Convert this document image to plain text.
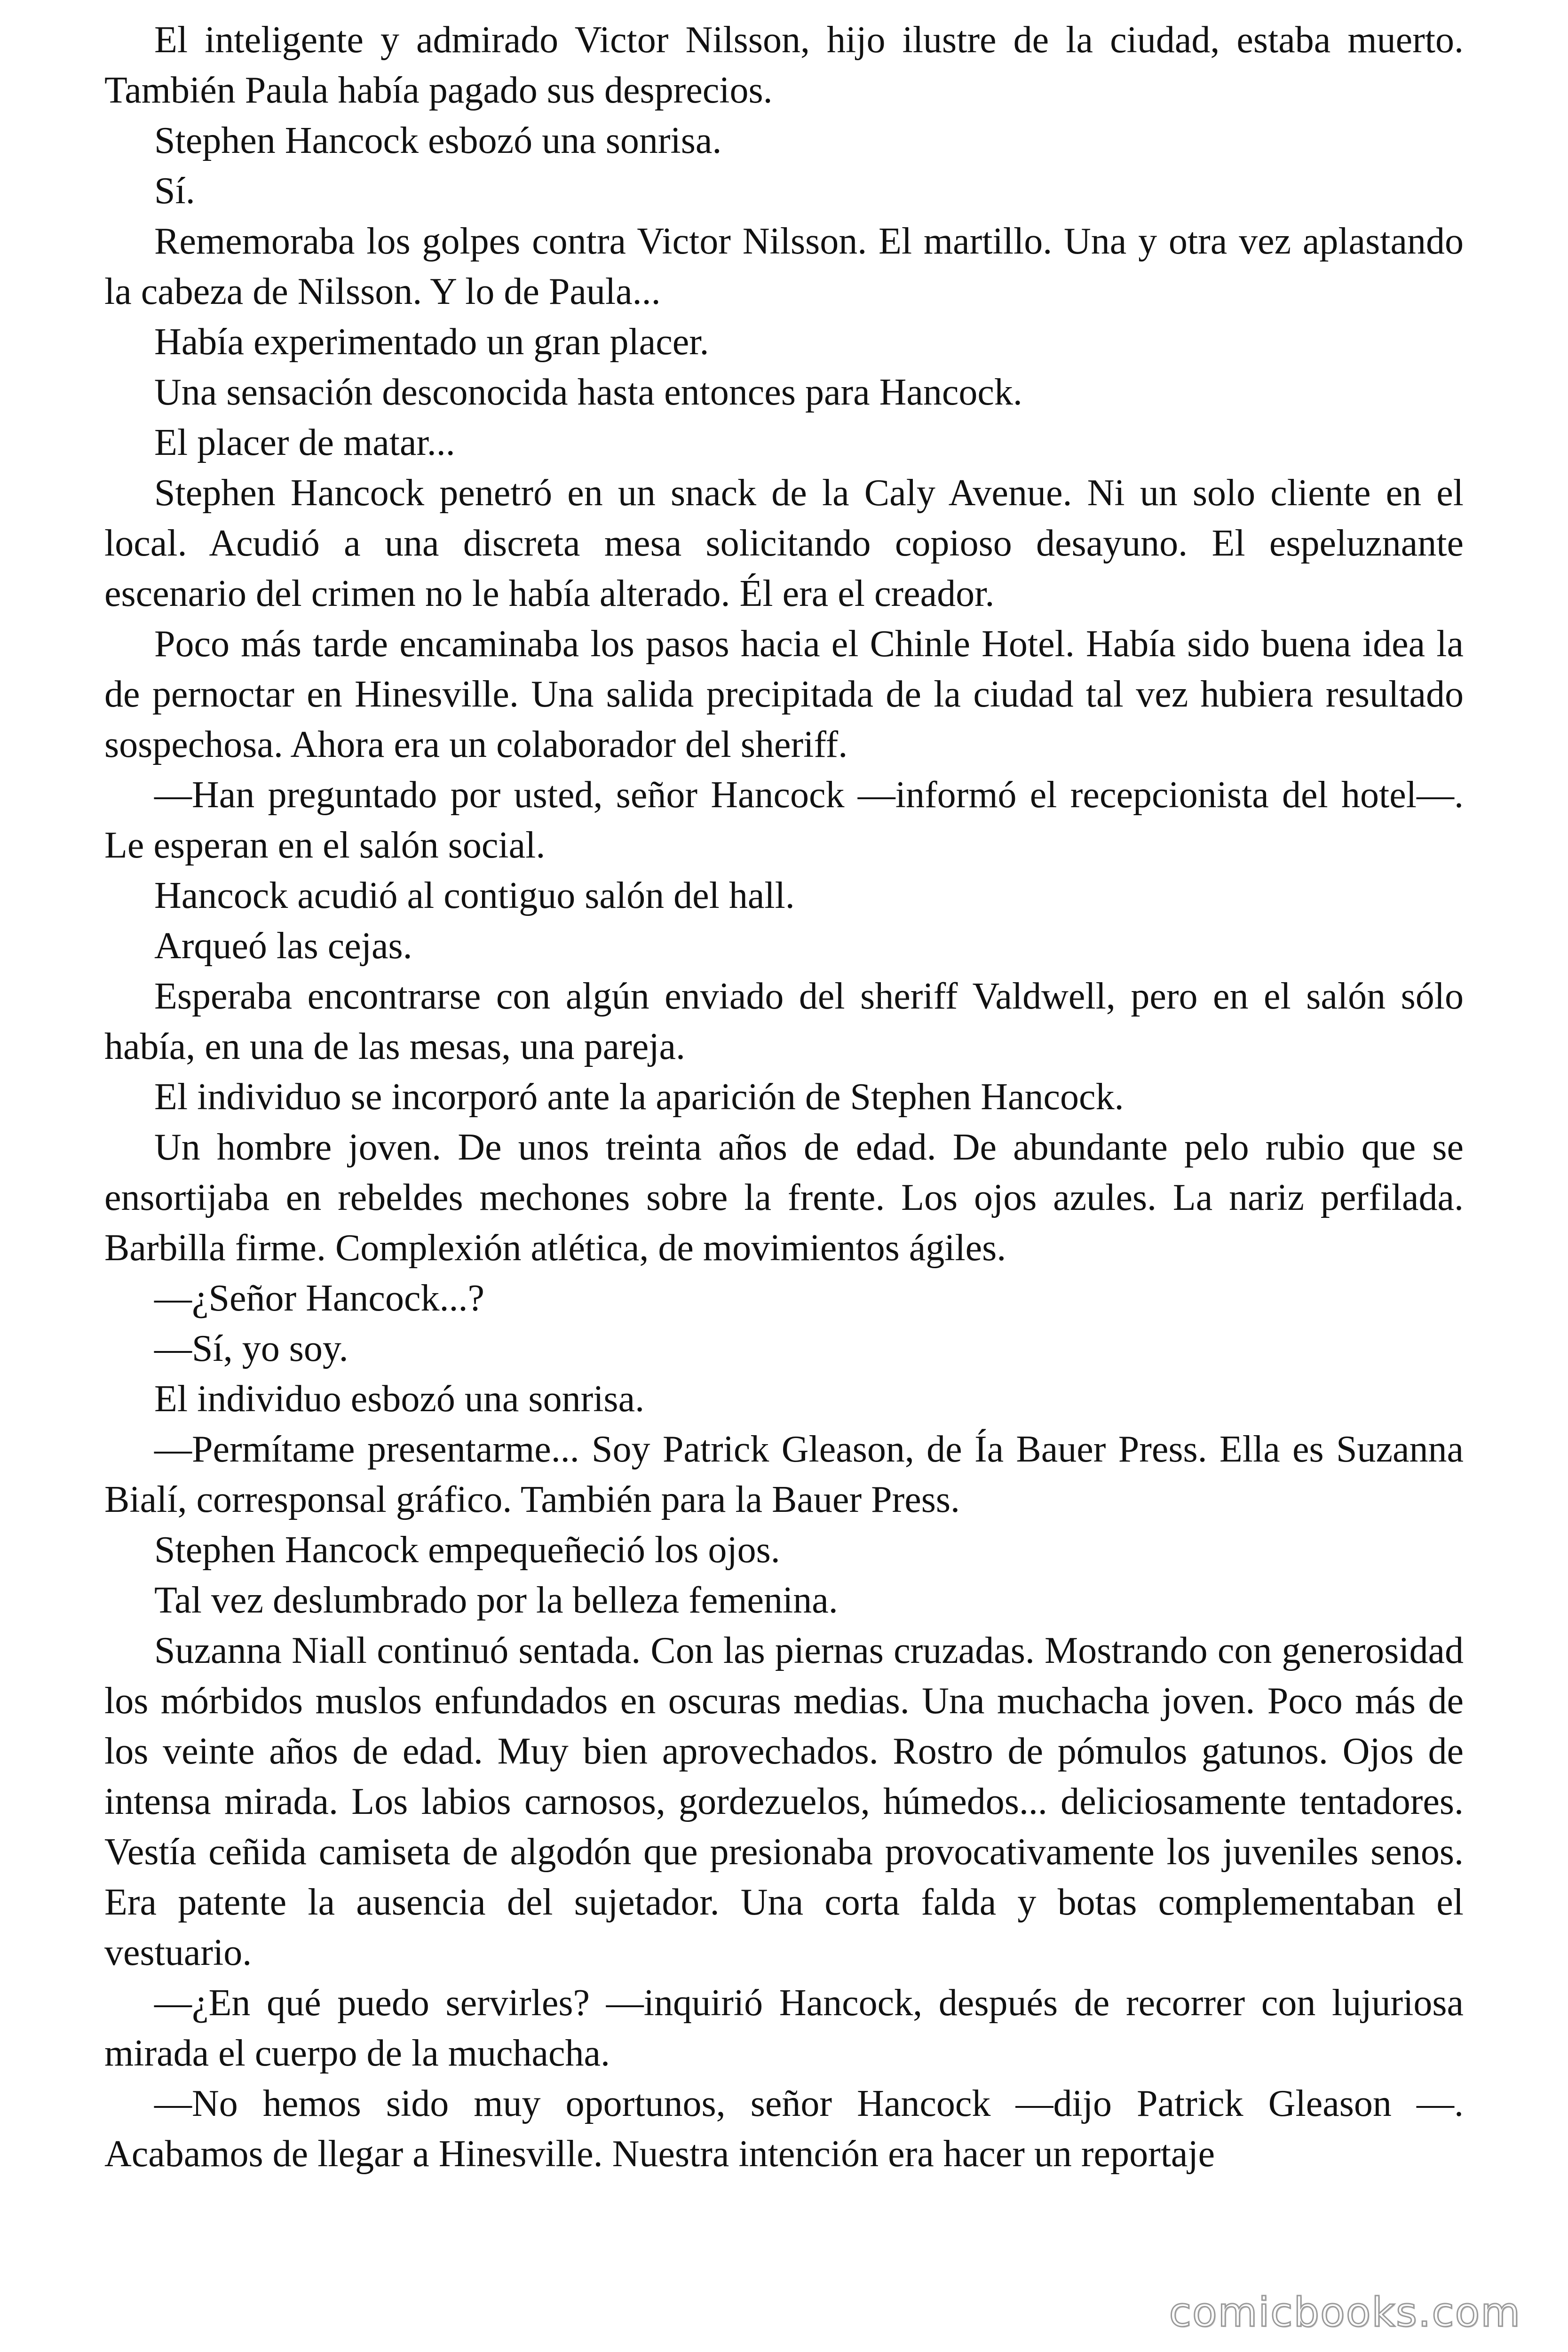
El inteligente y admirado Victor Nilsson, hijo ilustre de la ciudad, estaba muerto. También Paula había pagado sus desprecios.

Stephen Hancock esbozó una sonrisa.

Sí.

Rememoraba los golpes contra Victor Nilsson. El martillo. Una y otra vez aplastando la cabeza de Nilsson. Y lo de Paula...

Había experimentado un gran placer.

Una sensación desconocida hasta entonces para Hancock.

El placer de matar...

Stephen Hancock penetró en un snack de la Caly Avenue. Ni un solo cliente en el local. Acudió a una discreta mesa solicitando copioso desayuno. El espeluznante escenario del crimen no le había alterado. Él era el creador.

Poco más tarde encaminaba los pasos hacia el Chinle Hotel. Había sido buena idea la de pernoctar en Hinesville. Una salida precipitada de la ciudad tal vez hubiera resultado sospechosa. Ahora era un colaborador del sheriff.

—Han preguntado por usted, señor Hancock —informó el recepcionista del hotel—. Le esperan en el salón social.

Hancock acudió al contiguo salón del hall.

Arqueó las cejas.

Esperaba encontrarse con algún enviado del sheriff Valdwell, pero en el salón sólo había, en una de las mesas, una pareja.

El individuo se incorporó ante la aparición de Stephen Hancock.

Un hombre joven. De unos treinta años de edad. De abundante pelo rubio que se ensortijaba en rebeldes mechones sobre la frente. Los ojos azules. La nariz perfilada. Barbilla firme. Complexión atlética, de movimientos ágiles.

—¿Señor Hancock...?

—Sí, yo soy.

El individuo esbozó una sonrisa.

—Permítame presentarme... Soy Patrick Gleason, de Ía Bauer Press. Ella es Suzanna Bialí, corresponsal gráfico. También para la Bauer Press.

Stephen Hancock empequeñeció los ojos.

Tal vez deslumbrado por la belleza femenina.

Suzanna Niall continuó sentada. Con las piernas cruzadas. Mostrando con generosidad los mórbidos muslos enfundados en oscuras medias. Una muchacha joven. Poco más de los veinte años de edad. Muy bien aprovechados. Rostro de pómulos gatunos. Ojos de intensa mirada. Los labios carnosos, gordezuelos, húmedos... deliciosamente tentadores. Vestía ceñida camiseta de algodón que presionaba provocativamente los juveniles senos. Era patente la ausencia del sujetador. Una corta falda y botas complementaban el vestuario.

—¿En qué puedo servirles? —inquirió Hancock, después de recorrer con lujuriosa mirada el cuerpo de la muchacha.

—No hemos sido muy oportunos, señor Hancock —dijo Patrick Gleason —. Acabamos de llegar a Hinesville. Nuestra intención era hacer un reportaje

comicbooks.com
